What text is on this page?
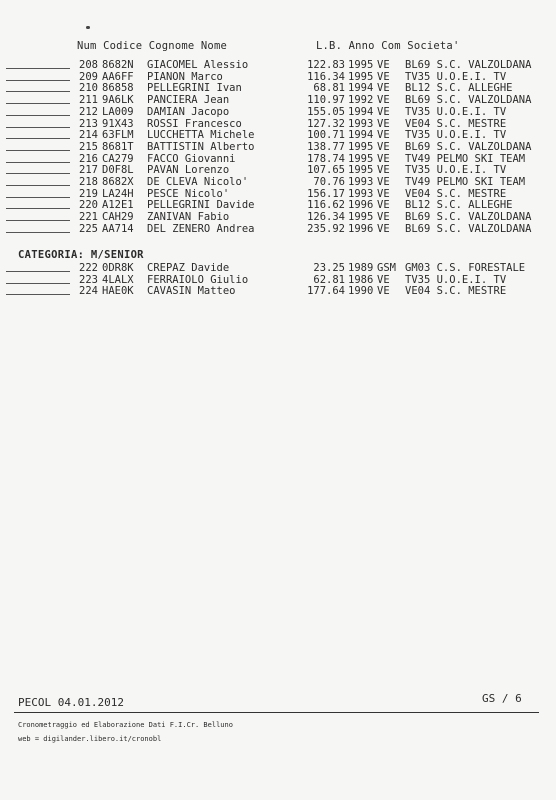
Num Codice Cognome Nome	L.B. Anno Com Societa'
208 8682N GIACOMEL Alessio	122.83 1995 VE BL69 S.C. VALZOLDANA
209 AA6FF PIANON Marco	116.34 1995 VE TV35 U.O.E.I. TV
210 86858 PELLEGRINI Ivan	68.81 1994 VE BL12 S.C. ALLEGHE
211 9A6LK PANCIERA Jean	110.97 1992 VE BL69 S.C. VALZOLDANA
212 LA009 DAMIAN Jacopo	155.05 1994 VE TV35 U.O.E.I. TV
213 91X43 ROSSI Francesco	127.32 1993 VE VE04 S.C. MESTRE
214 63FLM LUCCHETTA Michele	100.71 1994 VE TV35 U.O.E.I. TV
215 8681T BATTISTIN Alberto	138.77 1995 VE BL69 S.C. VALZOLDANA
216 CA279 FACCO Giovanni	178.74 1995 VE TV49 PELMO SKI TEAM
217 D0F8L PAVAN Lorenzo	107.65 1995 VE TV35 U.O.E.I. TV
218 8682X DE CLEVA Nicolo'	70.76 1993 VE TV49 PELMO SKI TEAM
219 LA24H PESCE Nicolo'	156.17 1993 VE VE04 S.C. MESTRE
220 A12E1 PELLEGRINI Davide	116.62 1996 VE BL12 S.C. ALLEGHE
221 CAH29 ZANIVAN Fabio	126.34 1995 VE BL69 S.C. VALZOLDANA
225 AA714 DEL ZENERO Andrea	235.92 1996 VE BL69 S.C. VALZOLDANA
CATEGORIA: M/SENIOR
222 0DR8K CREPAZ Davide	23.25 1989 GSM GM03 C.S. FORESTALE
223 4LALX FERRAIOLO Giulio	62.81 1986 VE TV35 U.O.E.I. TV
224 HAE0K CAVASIN Matteo	177.64 1990 VE VE04 S.C. MESTRE
PECOL 04.01.2012	GS / 6
Cronometraggio ed Elaborazione Dati F.I.Cr. Belluno
web = digilander.libero.it/cronobl
